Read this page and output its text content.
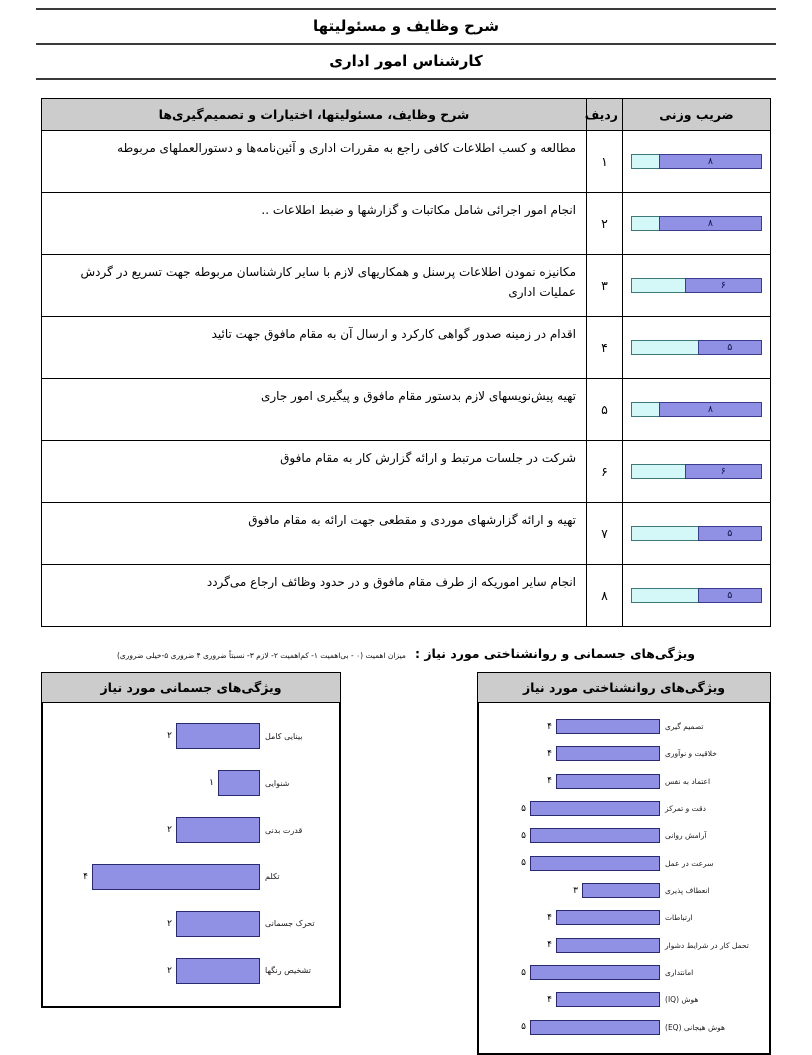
شرح وظایف و مسئولیتها
کارشناس امور اداری
ضریب وزنی	ردیف	شرح وظایف، مسئولیتها، اختیارات و تصمیم‌گیری‌ها

۸	۱	مطالعه و کسب اطلاعات کافی راجع به مقررات اداری و آئین‌نامه‌ها و دستورالعملهای مربوطه

۸	۲	انجام امور اجرائی شامل مکاتبات و گزارشها و ضبط اطلاعات ..

۶	۳	مکانیزه نمودن اطلاعات پرسنل و همکاریهای لازم با سایر کارشناسان مربوطه جهت تسریع در گردش عملیات اداری

۵	۴	اقدام در زمینه صدور گواهی کارکرد و ارسال آن به مقام مافوق جهت تائید

۸	۵	تهیه پیش‌نویسهای لازم بدستور مقام مافوق و پیگیری امور جاری

۶	۶	شرکت در جلسات مرتبط و ارائه گزارش کار به مقام مافوق

۵	۷	تهیه و ارائه گزارشهای موردی و مقطعی جهت ارائه به مقام مافوق

۵	۸	انجام سایر اموریکه از طرف مقام مافوق و در حدود وظائف ارجاع می‌گردد
ویژگی‌های جسمانی و روانشناختی مورد نیاز : میزان اهمیت (۰ - بی‌اهمیت ۱- کم‌اهمیت ۲- لازم ۳- نسبتاً ضروری ۴ ضروری ۵-خیلی ضروری)
ویژگی‌های جسمانی مورد نیاز
بینایی کامل
۲
شنوایی
۱
قدرت بدنی
۲
تکلم
۴
تحرک جسمانی
۲
تشخیص رنگها
۲
ویژگی‌های روانشناختی مورد نیاز
تصمیم گیری
۴
خلاقیت و نوآوری
۴
اعتماد به نفس
۴
دقت و تمرکز
۵
آرامش روانی
۵
سرعت در عمل
۵
انعطاف پذیری
۳
ارتباطات
۴
تحمل کار در شرایط دشوار
۴
امانتداری
۵
هوش (IQ)
۴
هوش هیجانی (EQ)
۵
